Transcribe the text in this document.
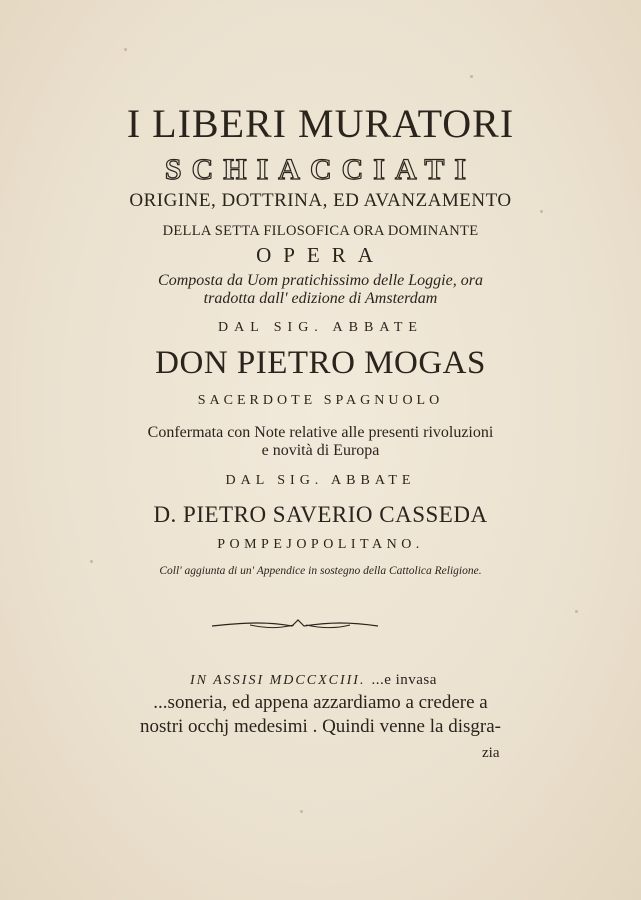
I LIBERI MURATORI
SCHIACCIATI
ORIGINE, DOTTRINA, ED AVANZAMENTO
DELLA SETTA FILOSOFICA ORA DOMINANTE
OPERA
Composta da Uom pratichissimo delle Loggie, ora
tradotta dall' edizione di Amsterdam
DAL SIG. ABBATE
DON PIETRO MOGAS
SACERDOTE SPAGNUOLO
Confermata con Note relative alle presenti rivoluzioni
e novità di Europa
DAL SIG. ABBATE
D. PIETRO SAVERIO CASSEDA
POMPEJOPOLITANO.
Coll' aggiunta di un' Appendice in sostegno della Cattolica Religione.
IN ASSISI MDCCXCIII. ...e invasa
...soneria, ed appena azzardiamo a credere a
nostri occhj medesimi . Quindi venne la disgra-
zia
